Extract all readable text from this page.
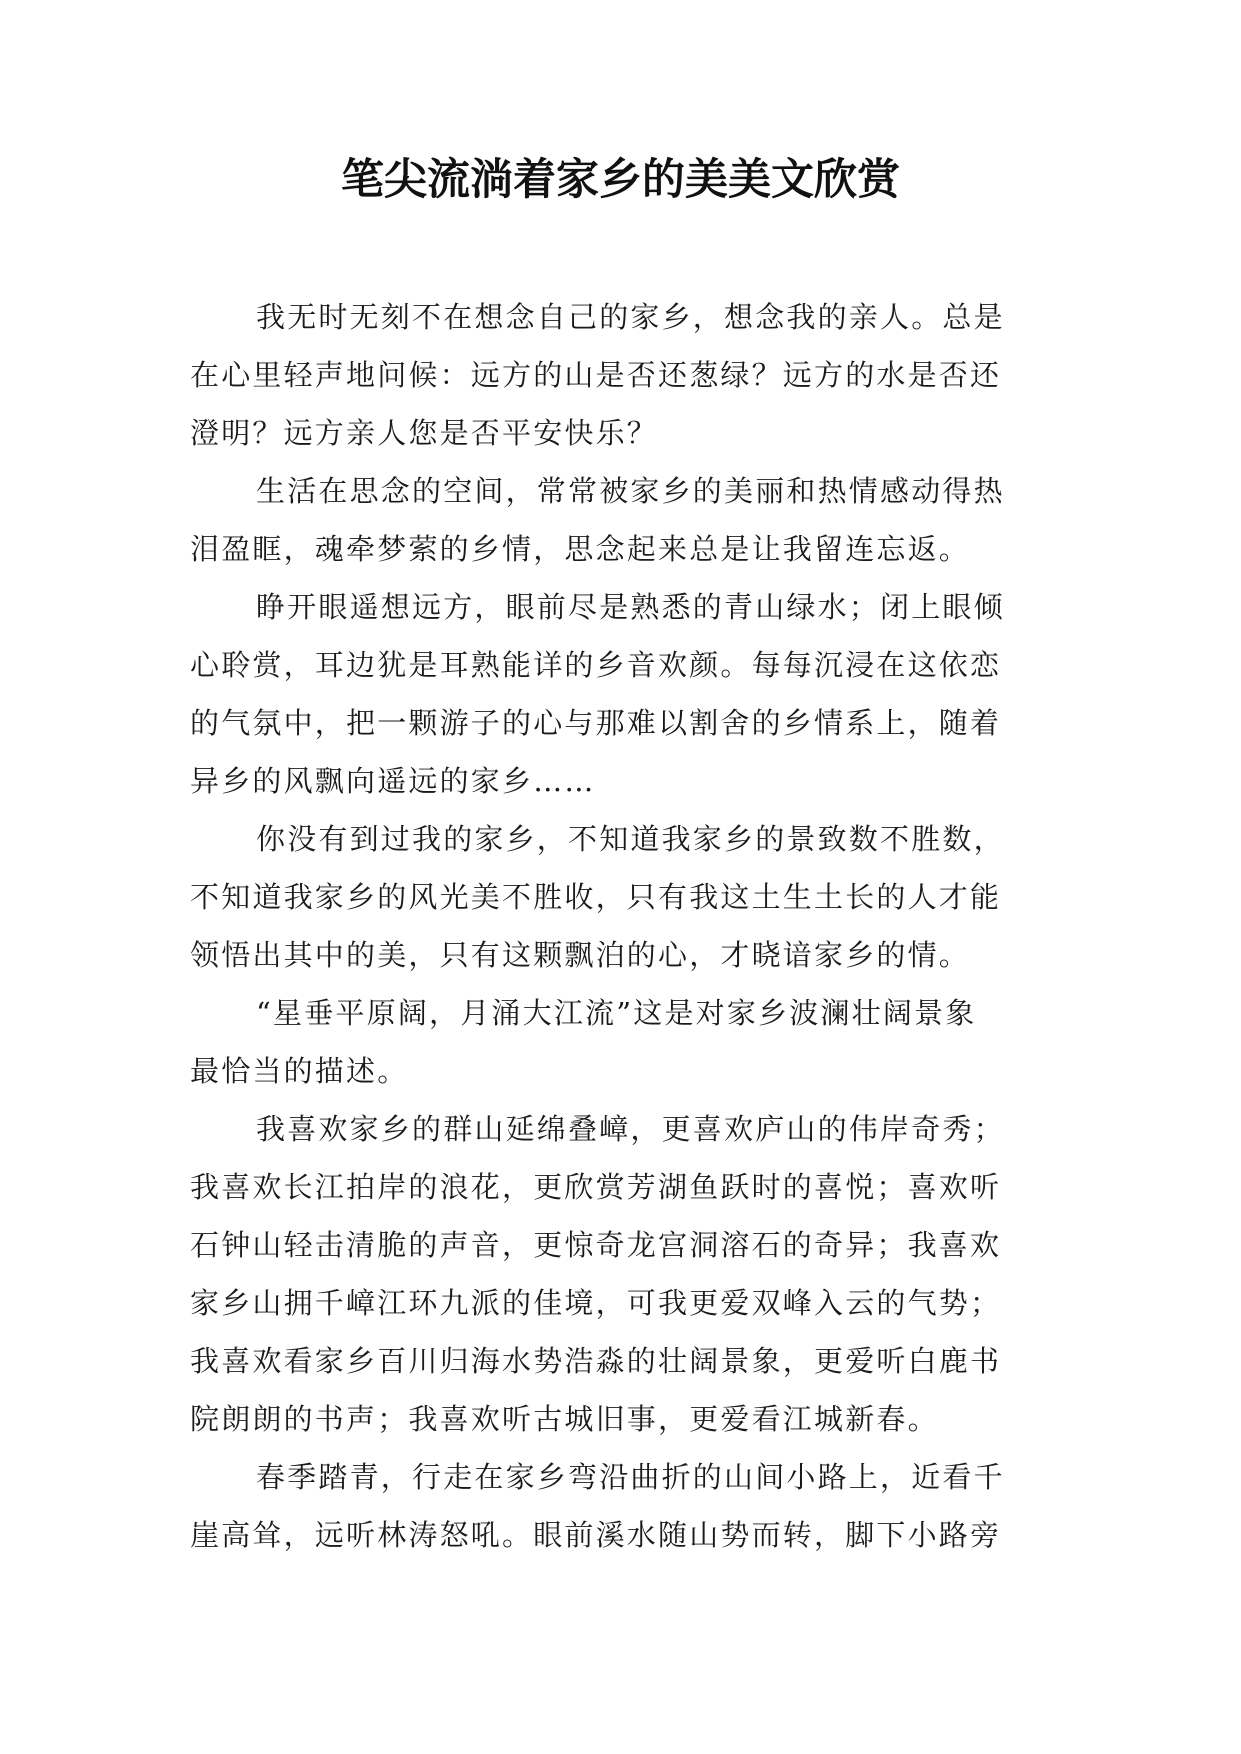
笔尖流淌着家乡的美美文欣赏

我无时无刻不在想念自己的家乡，想念我的亲人。总是
在心里轻声地问候：远方的山是否还葱绿？远方的水是否还
澄明？远方亲人您是否平安快乐？

生活在思念的空间，常常被家乡的美丽和热情感动得热
泪盈眶，魂牵梦萦的乡情，思念起来总是让我留连忘返。

睁开眼遥想远方，眼前尽是熟悉的青山绿水；闭上眼倾
心聆赏，耳边犹是耳熟能详的乡音欢颜。每每沉浸在这依恋
的气氛中，把一颗游子的心与那难以割舍的乡情系上，随着
异乡的风飘向遥远的家乡……

你没有到过我的家乡，不知道我家乡的景致数不胜数，
不知道我家乡的风光美不胜收，只有我这土生土长的人才能
领悟出其中的美，只有这颗飘泊的心，才晓谙家乡的情。

“星垂平原阔，月涌大江流”这是对家乡波澜壮阔景象
最恰当的描述。

我喜欢家乡的群山延绵叠嶂，更喜欢庐山的伟岸奇秀；
我喜欢长江拍岸的浪花，更欣赏芳湖鱼跃时的喜悦；喜欢听
石钟山轻击清脆的声音，更惊奇龙宫洞溶石的奇异；我喜欢
家乡山拥千嶂江环九派的佳境，可我更爱双峰入云的气势；
我喜欢看家乡百川归海水势浩淼的壮阔景象，更爱听白鹿书
院朗朗的书声；我喜欢听古城旧事，更爱看江城新春。

春季踏青，行走在家乡弯沿曲折的山间小路上，近看千
崖高耸，远听林涛怒吼。眼前溪水随山势而转，脚下小路旁
